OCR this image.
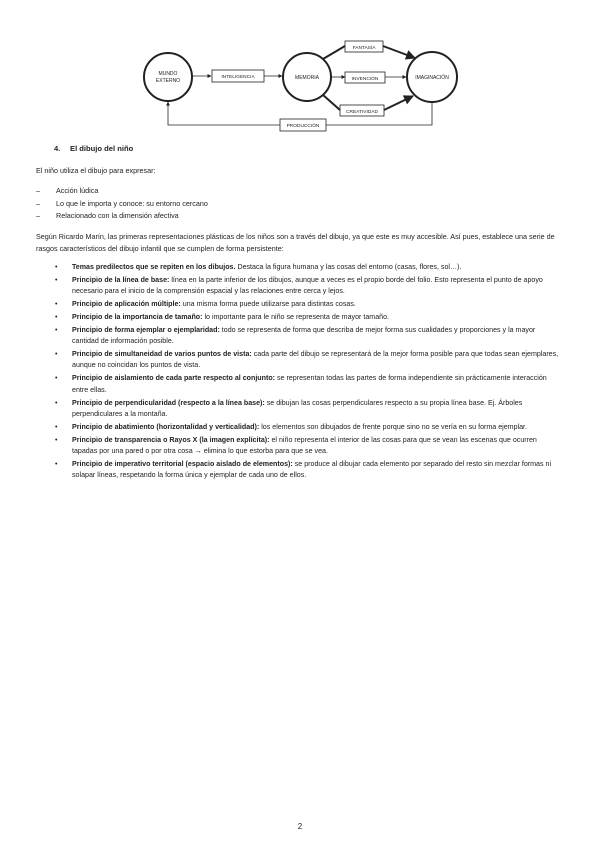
MUNDO
EXTERNO	MEMORIA	IMAGINACIÓN
INTELIGENCIA
FANTASÍA
INVENCIÓN
CREATIVIDAD
PRODUCCIÓN
4. El dibujo del niño
El niño utiliza el dibujo para expresar:
– Acción lúdica
– Lo que le importa y conoce: su entorno cercano
– Relacionado con la dimensión afectiva

Según Ricardo Marín, las primeras representaciones plásticas de los niños son a través del dibujo, ya que este es muy accesible. Así pues, establece una serie de rasgos característicos del dibujo infantil que se cumplen de forma persistente:

• Temas predilectos que se repiten en los dibujos. Destaca la figura humana y las cosas del entorno (casas, flores, sol…).
• Principio de la línea de base: línea en la parte inferior de los dibujos, aunque a veces es el propio borde del folio. Esto representa el punto de apoyo necesario para el inicio de la comprensión espacial y las relaciones entre cerca y lejos.
• Principio de aplicación múltiple: una misma forma puede utilizarse para distintas cosas.
• Principio de la importancia de tamaño: lo importante para le niño se representa de mayor tamaño.
• Principio de forma ejemplar o ejemplaridad: todo se representa de forma que describa de mejor forma sus cualidades y proporciones y la mayor cantidad de información posible.
• Principio de simultaneidad de varios puntos de vista: cada parte del dibujo se representará de la mejor forma posible para que todas sean ejemplares, aunque no coincidan los puntos de vista.
• Principio de aislamiento de cada parte respecto al conjunto: se representan todas las partes de forma independiente sin prácticamente interacción entre ellas.
• Principio de perpendicularidad (respecto a la línea base): se dibujan las cosas perpendiculares respecto a su propia línea base. Ej. Árboles perpendiculares a la montaña.
• Principio de abatimiento (horizontalidad y verticalidad): los elementos son dibujados de frente porque sino no se vería en su forma ejemplar.
• Principio de transparencia o Rayos X (la imagen explícita): el niño representa el interior de las cosas para que se vean las escenas que ocurren tapadas por una pared o por otra cosa → elimina lo que estorba para que se vea.
• Principio de imperativo territorial (espacio aislado de elementos): se produce al dibujar cada elemento por separado del resto sin mezclar formas ni solapar líneas, respetando la forma única y ejemplar de cada uno de ellos.
2
